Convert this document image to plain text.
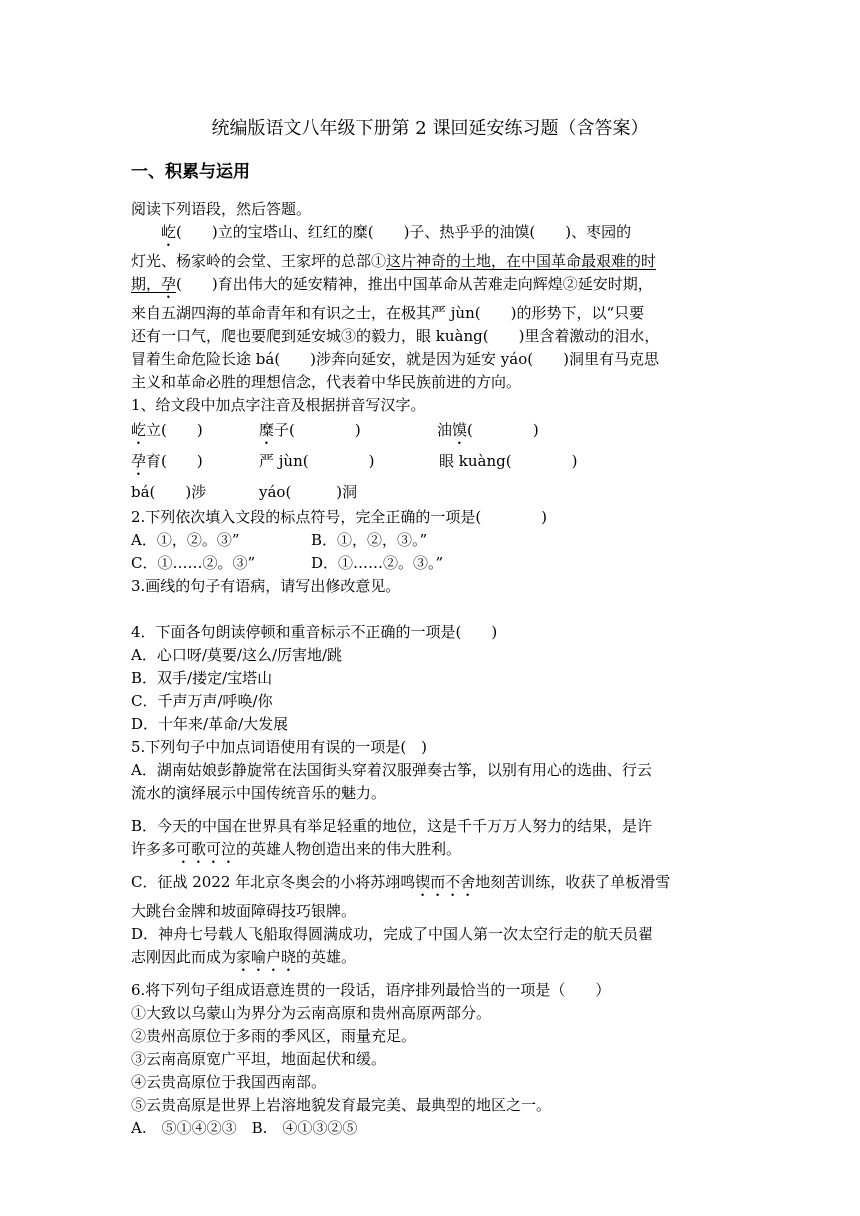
统编版语文八年级下册第 2 课回延安练习题（含答案）
一、积累与运用

阅读下列语段，然后答题。

屹(　　)立的宝塔山、红红的糜(　　)子、热乎乎的油馍(　　)、枣园的

灯光、杨家岭的会堂、王家坪的总部①这片神奇的土地，在中国革命最艰难的时

期，孕(　　)育出伟大的延安精神，推出中国革命从苦难走向辉煌②延安时期，

来自五湖四海的革命青年和有识之士，在极其严 jùn(　　)的形势下，以“只要

还有一口气，爬也要爬到延安城③的毅力，眼 kuàng(　　)里含着激动的泪水，

冒着生命危险长途 bá(　　)涉奔向延安，就是因为延安 yáo(　　)洞里有马克思

主义和革命必胜的理想信念，代表着中华民族前进的方向。

1、给文段中加点字注音及根据拼音写汉字。

屹立(　　)	糜子(　　　　)	油馍(　　　　)

孕育(　　)	严 jùn(　　　　)	眼 kuàng(　　　　)

bá(　　)涉	yáo(　　　)洞

2.下列依次填入文段的标点符号，完全正确的一项是(　　　　)

A．①，②。③”	B．①，②，③。”

C．①……②。③”	D．①……②。③。”

3.画线的句子有语病，请写出修改意见。

4．下面各句朗读停顿和重音标示不正确的一项是(　　)

A．心口呀/莫要/这么/厉害地/跳

B．双手/搂定/宝塔山

C．千声万声/呼唤/你

D．十年来/革命/大发展

5.下列句子中加点词语使用有误的一项是(　)

A．湖南姑娘彭静旋常在法国街头穿着汉服弹奏古筝，以别有用心的选曲、行云

流水的演绎展示中国传统音乐的魅力。

B．今天的中国在世界具有举足轻重的地位，这是千千万万人努力的结果，是许

许多多可歌可泣的英雄人物创造出来的伟大胜利。

C．征战 2022 年北京冬奥会的小将苏翊鸣锲而不舍地刻苦训练，收获了单板滑雪

大跳台金牌和坡面障碍技巧银牌。

D．神舟七号载人飞船取得圆满成功，完成了中国人第一次太空行走的航天员翟

志刚因此而成为家喻户晓的英雄。

6.将下列句子组成语意连贯的一段话，语序排列最恰当的一项是（　　）

①大致以乌蒙山为界分为云南高原和贵州高原两部分。

②贵州高原位于多雨的季风区，雨量充足。

③云南高原宽广平坦，地面起伏和缓。

④云贵高原位于我国西南部。

⑤云贵高原是世界上岩溶地貌发育最完美、最典型的地区之一。

A.　⑤①④②③　B.　④①③②⑤
